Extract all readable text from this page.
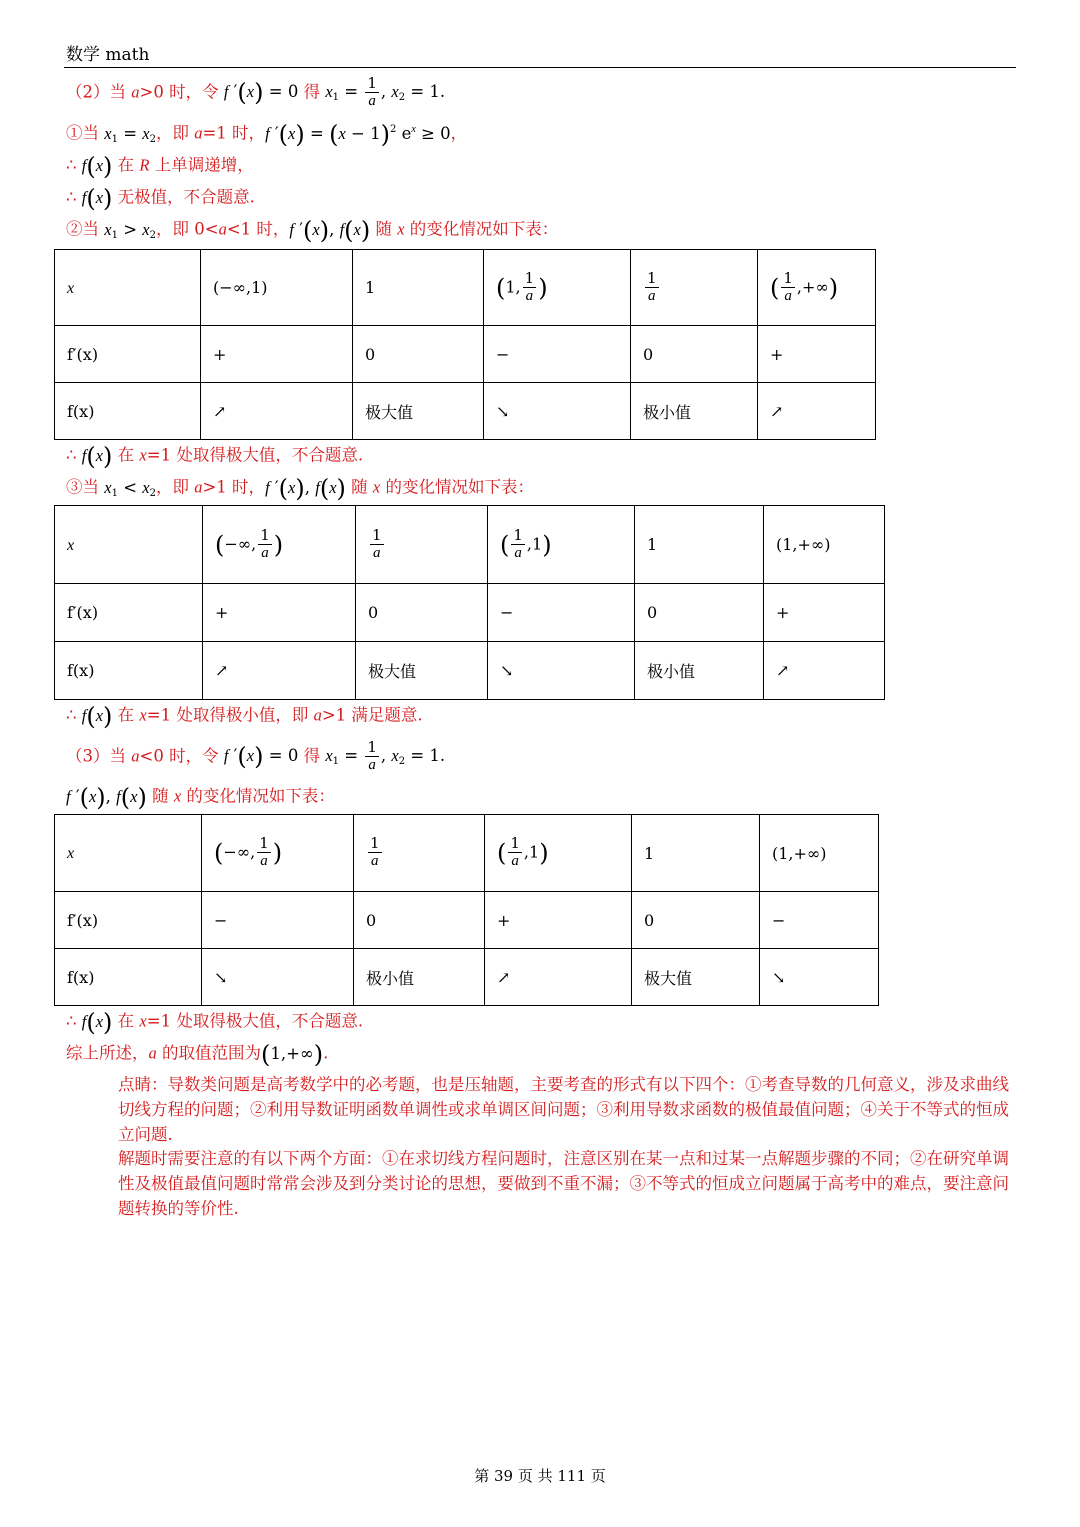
数学 math
（2）当 a>0 时，令 f ′(x) = 0 得 $x_1 = \frac{1}{a}$ , $x_2 = 1$.
①当 $x_1 = x_2$，即 a=1 时，f $'(x) = (x - 1)^2$ $e^x \ge 0$，
∴ f(x) 在 R 上单调递增，
∴ f(x) 无极值，不合题意.
②当 $x_1 > x_2$，即 0<a<1 时，f ′(x), f(x) 随 x 的变化情况如下表：
x	(−∞,1)	1	(1, $\frac{1}{a}$ )	$\frac{1}{a}$	( $\frac{1}{a}$ ,+∞)
f′(x)	+	0	−	0	+
f(x)	↗	极大值	↘	极小值	↗
∴ f(x) 在 x=1 处取得极大值，不合题意.
③当 $x_1 < x_2$，即 a>1 时，f ′(x), f(x) 随 x 的变化情况如下表：
x	(−∞, $\frac{1}{a}$ )	$\frac{1}{a}$	( $\frac{1}{a} ,1$)	1	(1,+∞)
f′(x)	+	0	−	0	+
f(x)	↗	极大值	↘	极小值	↗
∴ f(x) 在 x=1 处取得极小值，即 a>1 满足题意.
（3）当 a<0 时，令 f ′(x) = 0 得 $x_1 = \frac{1}{a}$ , $x_2 = 1$.
f ′(x), f(x) 随 x 的变化情况如下表：
x	(−∞, $\frac{1}{a}$ )	$\frac{1}{a}$	( $\frac{1}{a} ,1$)	1	(1,+∞)
f′(x)	−	0	+	0	−
f(x)	↘	极小值	↗	极大值	↘
∴ f(x) 在 x=1 处取得极大值，不合题意.
综上所述，a 的取值范围为(1,+∞).
点睛：导数类问题是高考数学中的必考题，也是压轴题，主要考查的形式有以下四个：①考查导数的几何意义，涉及求曲线切线方程的问题；②利用导数证明函数单调性或求单调区间问题；③利用导数求函数的极值最值问题；④关于不等式的恒成立问题.
解题时需要注意的有以下两个方面：①在求切线方程问题时，注意区别在某一点和过某一点解题步骤的不同；②在研究单调性及极值最值问题时常常会涉及到分类讨论的思想，要做到不重不漏；③不等式的恒成立问题属于高考中的难点，要注意问题转换的等价性.
第 39 页 共 111 页
